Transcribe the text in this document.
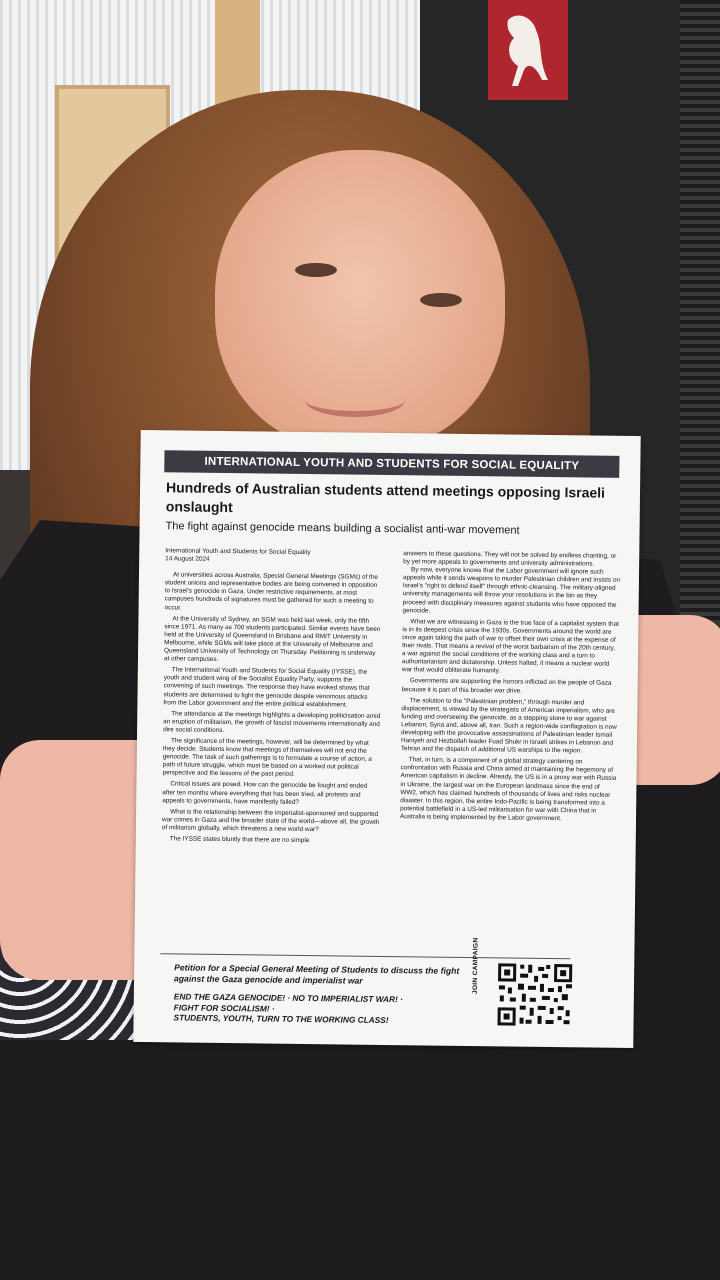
INTERNATIONAL YOUTH AND STUDENTS FOR SOCIAL EQUALITY
Hundreds of Australian students attend meetings opposing Israeli onslaught
The fight against genocide means building a socialist anti-war movement

International Youth and Students for Social Equality

14 August 2024

At universities across Australia, Special General Meetings (SGMs) of the student unions and representative bodies are being convened in opposition to Israel's genocide in Gaza. Under restrictive requirements, at most campuses hundreds of signatures must be gathered for such a meeting to occur.

At the University of Sydney, an SGM was held last week, only the fifth since 1971. As many as 700 students participated. Similar events have been held at the University of Queensland in Brisbane and RMIT University in Melbourne, while SGMs will take place at the University of Melbourne and Queensland University of Technology on Thursday. Petitioning is underway at other campuses.

The International Youth and Students for Social Equality (IYSSE), the youth and student wing of the Socialist Equality Party, supports the convening of such meetings. The response they have evoked shows that students are determined to fight the genocide despite venomous attacks from the Labor government and the entire political establishment.

The attendance at the meetings highlights a developing politicisation amid an eruption of militarism, the growth of fascist movements internationally and dire social conditions.

The significance of the meetings, however, will be determined by what they decide. Students know that meetings of themselves will not end the genocide. The task of such gatherings is to formulate a course of action, a path of future struggle, which must be based on a worked out political perspective and the lessons of the past period.

Critical issues are posed. How can the genocide be fought and ended after ten months where everything that has been tried, all protests and appeals to governments, have manifestly failed?

What is the relationship between the imperialist-sponsored and supported war crimes in Gaza and the broader state of the world—above all, the growth of militarism globally, which threatens a new world war?

The IYSSE states bluntly that there are no simple

answers to these questions. They will not be solved by endless chanting, or by yet more appeals to governments and university administrations.

By now, everyone knows that the Labor government will ignore such appeals while it sends weapons to murder Palestinian children and insists on Israel's "right to defend itself" through ethnic-cleansing. The military-aligned university managements will throw your resolutions in the bin as they proceed with disciplinary measures against students who have opposed the genocide.

What we are witnessing in Gaza is the true face of a capitalist system that is in its deepest crisis since the 1930s. Governments around the world are once again taking the path of war to offset their own crisis at the expense of their rivals. That means a revival of the worst barbarism of the 20th century, a war against the social conditions of the working class and a turn to authoritarianism and dictatorship. Unless halted, it means a nuclear world war that would obliterate humanity.

Governments are supporting the horrors inflicted on the people of Gaza because it is part of this broader war drive.

The solution to the "Palestinian problem," through murder and displacement, is viewed by the strategists of American imperialism, who are funding and overseeing the genocide, as a stepping stone to war against Lebanon, Syria and, above all, Iran. Such a region-wide conflagration is now developing with the provocative assassinations of Palestinian leader Ismail Haniyeh and Hezbollah leader Fuad Shukr in Israeli strikes in Lebanon and Tehran and the dispatch of additional US warships to the region.

That, in turn, is a component of a global strategy centering on confrontation with Russia and China aimed at maintaining the hegemony of American capitalism in decline. Already, the US is in a proxy war with Russia in Ukraine, the largest war on the European landmass since the end of WW2, which has claimed hundreds of thousands of lives and risks nuclear disaster. In this region, the entire Indo-Pacific is being transformed into a potential battlefield in a US-led militarisation for war with China that in Australia is being implemented by the Labor government.

Petition for a Special General Meeting of Students to discuss the fight against the Gaza genocide and imperialist war
END THE GAZA GENOCIDE! · NO TO IMPERIALIST WAR! ·
FIGHT FOR SOCIALISM! ·
STUDENTS, YOUTH, TURN TO THE WORKING CLASS!
JOIN CAMPAIGN
